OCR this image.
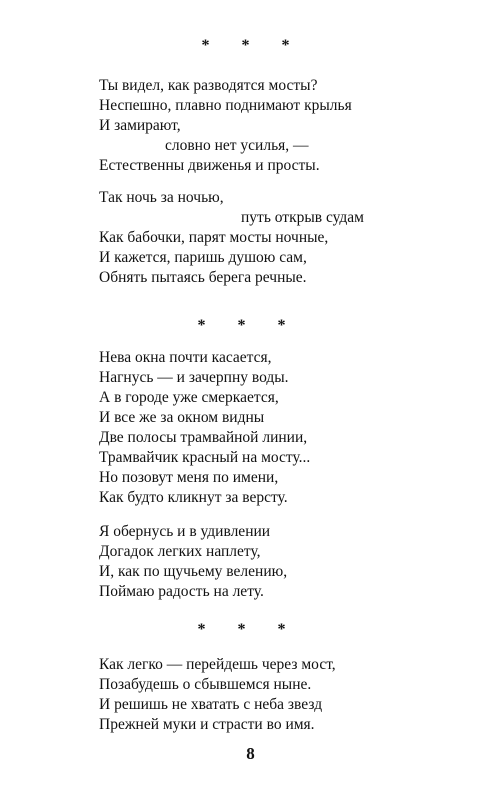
* * *
Ты видел, как разводятся мосты?
Неспешно, плавно поднимают крылья
И замирают,
словно нет усилья, —
Естественны движенья и просты.
Так ночь за ночью,
путь открыв судам
Как бабочки, парят мосты ночные,
И кажется, паришь душою сам,
Обнять пытаясь берега речные.
* * *
Нева окна почти касается,
Нагнусь — и зачерпну воды.
А в городе уже смеркается,
И все же за окном видны
Две полосы трамвайной линии,
Трамвайчик красный на мосту...
Но позовут меня по имени,
Как будто кликнут за версту.
Я обернусь и в удивлении
Догадок легких наплету,
И, как по щучьему велению,
Поймаю радость на лету.
* * *
Как легко — перейдешь через мост,
Позабудешь о сбывшемся ныне.
И решишь не хватать с неба звезд
Прежней муки и страсти во имя.
8
